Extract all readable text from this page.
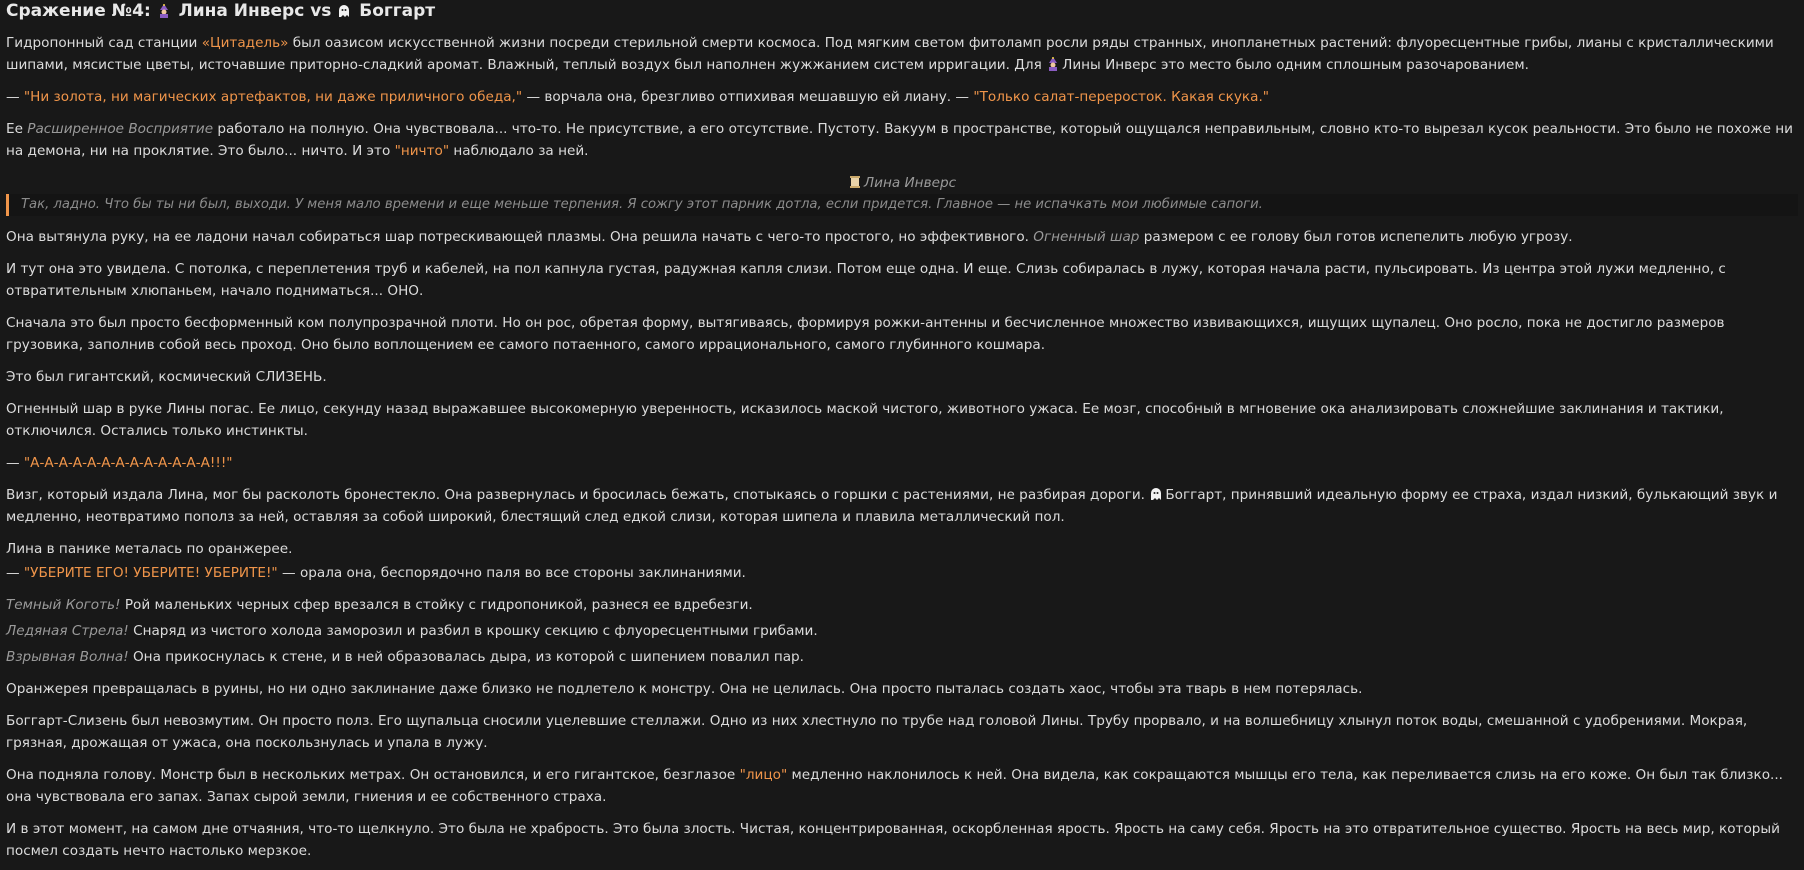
Сражение №4: Лина Инверс vs Боггарт

Гидропонный сад станции «Цитадель» был оазисом искусственной жизни посреди стерильной смерти космоса. Под мягким светом фитоламп росли ряды странных, инопланетных растений: флуоресцентные грибы, лианы с кристаллическими шипами, мясистые цветы, источавшие приторно-сладкий аромат. Влажный, теплый воздух был наполнен жужжанием систем ирригации. Для Лины Инверс это место было одним сплошным разочарованием.

— "Ни золота, ни магических артефактов, ни даже приличного обеда," — ворчала она, брезгливо отпихивая мешавшую ей лиану. — "Только салат-переросток. Какая скука."

Ее Расширенное Восприятие работало на полную. Она чувствовала... что-то. Не присутствие, а его отсутствие. Пустоту. Вакуум в пространстве, который ощущался неправильным, словно кто-то вырезал кусок реальности. Это было не похоже ни на демона, ни на проклятие. Это было... ничто. И это "ничто" наблюдало за ней.

Лина Инверс
Так, ладно. Что бы ты ни был, выходи. У меня мало времени и еще меньше терпения. Я сожгу этот парник дотла, если придется. Главное — не испачкать мои любимые сапоги.

Она вытянула руку, на ее ладони начал собираться шар потрескивающей плазмы. Она решила начать с чего-то простого, но эффективного. Огненный шар размером с ее голову был готов испепелить любую угрозу.

И тут она это увидела. С потолка, с переплетения труб и кабелей, на пол капнула густая, радужная капля слизи. Потом еще одна. И еще. Слизь собиралась в лужу, которая начала расти, пульсировать. Из центра этой лужи медленно, с отвратительным хлюпаньем, начало подниматься... ОНО.

Сначала это был просто бесформенный ком полупрозрачной плоти. Но он рос, обретая форму, вытягиваясь, формируя рожки-антенны и бесчисленное множество извивающихся, ищущих щупалец. Оно росло, пока не достигло размеров грузовика, заполнив собой весь проход. Оно было воплощением ее самого потаенного, самого иррационального, самого глубинного кошмара.

Это был гигантский, космический СЛИЗЕНЬ.

Огненный шар в руке Лины погас. Ее лицо, секунду назад выражавшее высокомерную уверенность, исказилось маской чистого, животного ужаса. Ее мозг, способный в мгновение ока анализировать сложнейшие заклинания и тактики, отключился. Остались только инстинкты.

— "А-А-А-А-А-А-А-А-А-А-А-А-А!!!"

Визг, который издала Лина, мог бы расколоть бронестекло. Она развернулась и бросилась бежать, спотыкаясь о горшки с растениями, не разбирая дороги. Боггарт, принявший идеальную форму ее страха, издал низкий, булькающий звук и медленно, неотвратимо пополз за ней, оставляя за собой широкий, блестящий след едкой слизи, которая шипела и плавила металлический пол.

Лина в панике металась по оранжерее.

— "УБЕРИТЕ ЕГО! УБЕРИТЕ! УБЕРИТЕ!" — орала она, беспорядочно паля во все стороны заклинаниями.

Темный Коготь! Рой маленьких черных сфер врезался в стойку с гидропоникой, разнеся ее вдребезги.

Ледяная Стрела! Снаряд из чистого холода заморозил и разбил в крошку секцию с флуоресцентными грибами.

Взрывная Волна! Она прикоснулась к стене, и в ней образовалась дыра, из которой с шипением повалил пар.

Оранжерея превращалась в руины, но ни одно заклинание даже близко не подлетело к монстру. Она не целилась. Она просто пыталась создать хаос, чтобы эта тварь в нем потерялась.

Боггарт-Слизень был невозмутим. Он просто полз. Его щупальца сносили уцелевшие стеллажи. Одно из них хлестнуло по трубе над головой Лины. Трубу прорвало, и на волшебницу хлынул поток воды, смешанной с удобрениями. Мокрая, грязная, дрожащая от ужаса, она поскользнулась и упала в лужу.

Она подняла голову. Монстр был в нескольких метрах. Он остановился, и его гигантское, безглазое "лицо" медленно наклонилось к ней. Она видела, как сокращаются мышцы его тела, как переливается слизь на его коже. Он был так близко... она чувствовала его запах. Запах сырой земли, гниения и ее собственного страха.

И в этот момент, на самом дне отчаяния, что-то щелкнуло. Это была не храбрость. Это была злость. Чистая, концентрированная, оскорбленная ярость. Ярость на саму себя. Ярость на это отвратительное существо. Ярость на весь мир, который посмел создать нечто настолько мерзкое.
